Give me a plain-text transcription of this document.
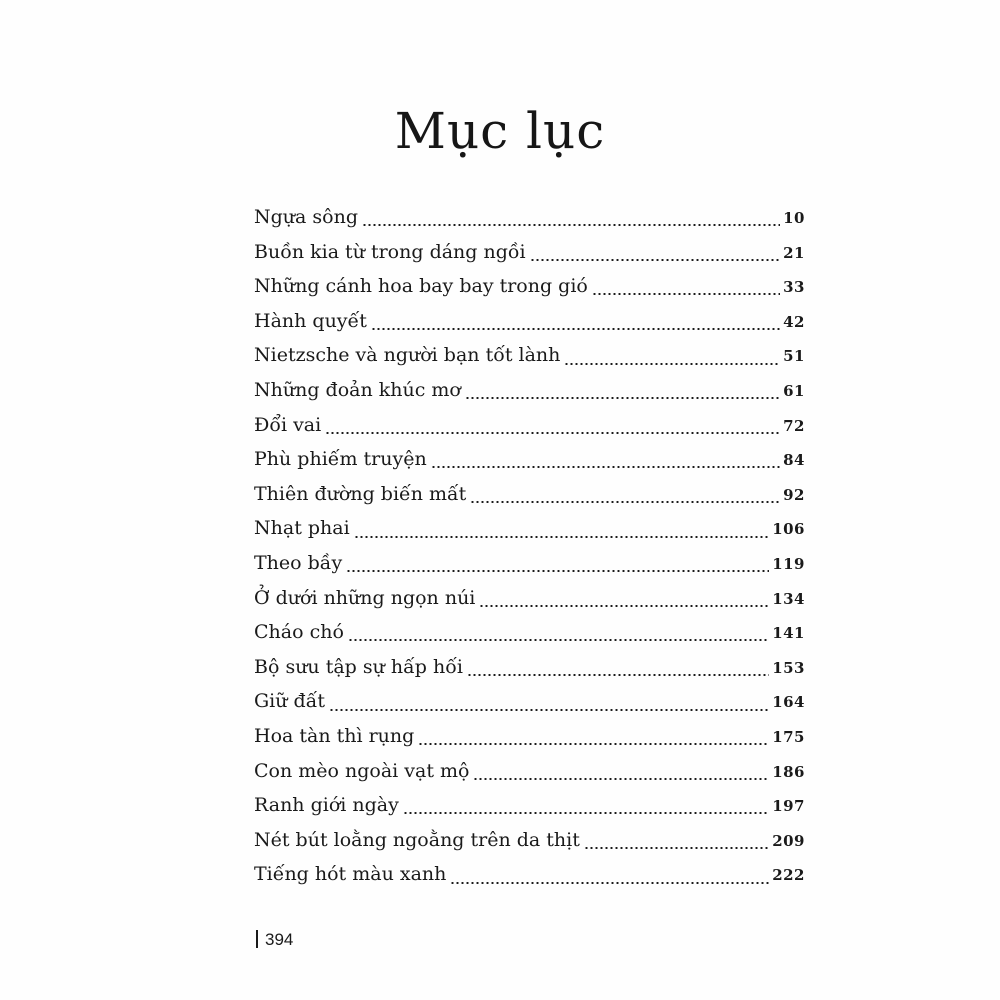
Mục lục
Ngựa sông	10
Buồn kia từ trong dáng ngồi	21
Những cánh hoa bay bay trong gió	33
Hành quyết	42
Nietzsche và người bạn tốt lành	51
Những đoản khúc mơ	61
Đổi vai	72
Phù phiếm truyện	84
Thiên đường biến mất	92
Nhạt phai	106
Theo bầy	119
Ở dưới những ngọn núi	134
Cháo chó	141
Bộ sưu tập sự hấp hối	153
Giữ đất	164
Hoa tàn thì rụng	175
Con mèo ngoài vạt mộ	186
Ranh giới ngày	197
Nét bút loằng ngoằng trên da thịt	209
Tiếng hót màu xanh	222
394
